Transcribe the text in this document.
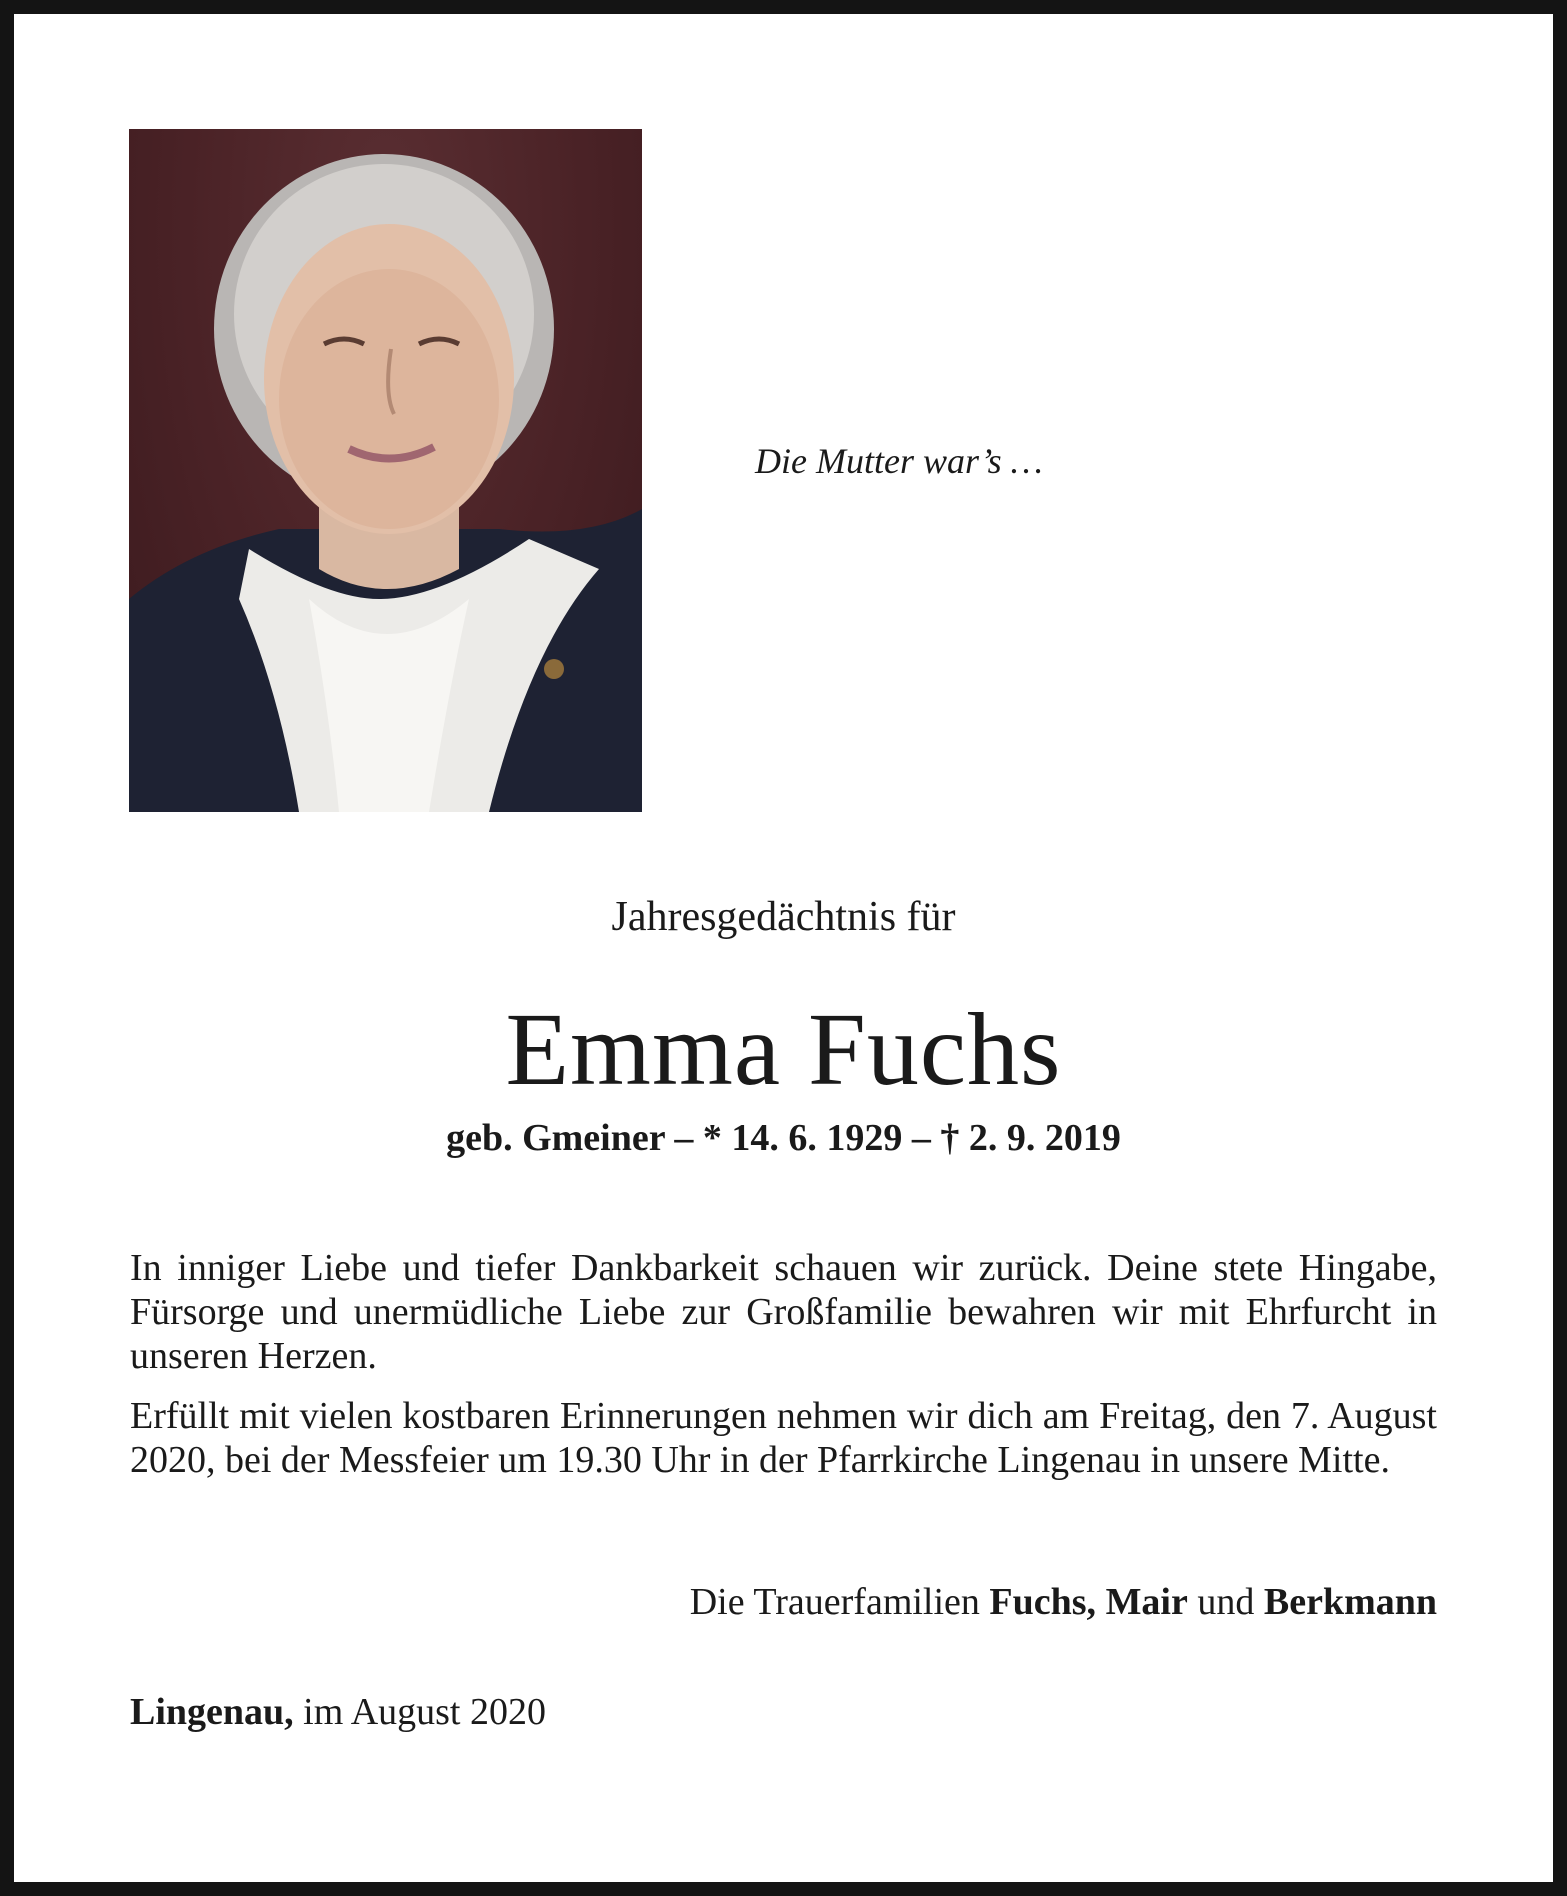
Die Mutter war’s …
Jahresgedächtnis für
Emma Fuchs
geb. Gmeiner – * 14. 6. 1929 – † 2. 9. 2019

In inniger Liebe und tiefer Dankbarkeit schauen wir zurück. Deine stete Hingabe, Fürsorge und unermüdliche Liebe zur Großfamilie bewahren wir mit Ehrfurcht in unseren Herzen.

Erfüllt mit vielen kostbaren Erinnerungen nehmen wir dich am Freitag, den 7. August 2020, bei der Messfeier um 19.30 Uhr in der Pfarrkirche Lingenau in unsere Mitte.

Die Trauerfamilien Fuchs, Mair und Berkmann
Lingenau, im August 2020
